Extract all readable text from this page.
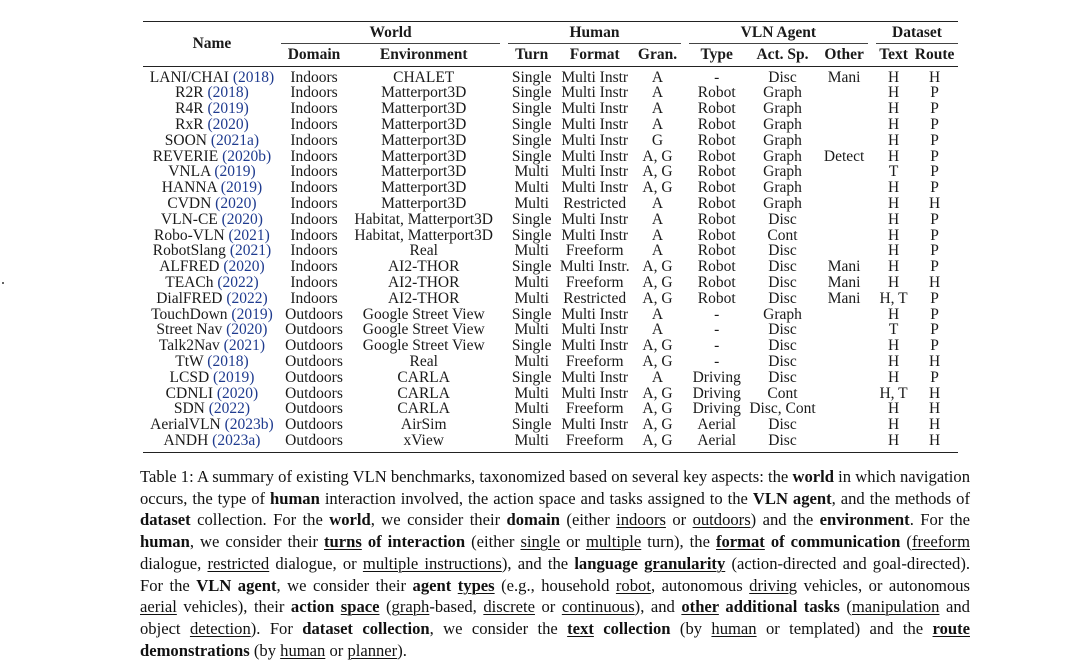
Name	World			Human				VLN Agent				Dataset	
	Domain	Environment		Turn	Format	Gran.		Type	Act. Sp.	Other		Text	Route
LANI/CHAI (2018)	Indoors	CHALET		Single	Multi Instr	A		-	Disc	Mani		H	H
R2R (2018)	Indoors	Matterport3D		Single	Multi Instr	A		Robot	Graph			H	P
R4R (2019)	Indoors	Matterport3D		Single	Multi Instr	A		Robot	Graph			H	P
RxR (2020)	Indoors	Matterport3D		Single	Multi Instr	A		Robot	Graph			H	P
SOON (2021a)	Indoors	Matterport3D		Single	Multi Instr	G		Robot	Graph			H	P
REVERIE (2020b)	Indoors	Matterport3D		Single	Multi Instr	A, G		Robot	Graph	Detect		H	P
VNLA (2019)	Indoors	Matterport3D		Multi	Multi Instr	A, G		Robot	Graph			T	P
HANNA (2019)	Indoors	Matterport3D		Multi	Multi Instr	A, G		Robot	Graph			H	P
CVDN (2020)	Indoors	Matterport3D		Multi	Restricted	A		Robot	Graph			H	H
VLN-CE (2020)	Indoors	Habitat, Matterport3D		Single	Multi Instr	A		Robot	Disc			H	P
Robo-VLN (2021)	Indoors	Habitat, Matterport3D		Single	Multi Instr	A		Robot	Cont			H	P
RobotSlang (2021)	Indoors	Real		Multi	Freeform	A		Robot	Disc			H	P
ALFRED (2020)	Indoors	AI2-THOR		Single	Multi Instr.	A, G		Robot	Disc	Mani		H	P
TEACh (2022)	Indoors	AI2-THOR		Multi	Freeform	A, G		Robot	Disc	Mani		H	H
DialFRED (2022)	Indoors	AI2-THOR		Multi	Restricted	A, G		Robot	Disc	Mani		H, T	P
TouchDown (2019)	Outdoors	Google Street View		Single	Multi Instr	A		-	Graph			H	P
Street Nav (2020)	Outdoors	Google Street View		Multi	Multi Instr	A		-	Disc			T	P
Talk2Nav (2021)	Outdoors	Google Street View		Single	Multi Instr	A, G		-	Disc			H	P
TtW (2018)	Outdoors	Real		Multi	Freeform	A, G		-	Disc			H	H
LCSD (2019)	Outdoors	CARLA		Single	Multi Instr	A		Driving	Disc			H	P
CDNLI (2020)	Outdoors	CARLA		Multi	Multi Instr	A, G		Driving	Cont			H, T	H
SDN (2022)	Outdoors	CARLA		Multi	Freeform	A, G		Driving	Disc, Cont			H	H
AerialVLN (2023b)	Outdoors	AirSim		Single	Multi Instr	A, G		Aerial	Disc			H	H
ANDH (2023a)	Outdoors	xView		Multi	Freeform	A, G		Aerial	Disc			H	H

Table 1: A summary of existing VLN benchmarks, taxonomized based on several key aspects: the world in which navigation occurs, the type of human interaction involved, the action space and tasks assigned to the VLN agent, and the methods of dataset collection. For the world, we consider their domain (either indoors or outdoors) and the environment. For the human, we consider their turns of interaction (either single or multiple turn), the format of communication (freeform dialogue, restricted dialogue, or multiple instructions), and the language granularity (action-directed and goal-directed). For the VLN agent, we consider their agent types (e.g., household robot, autonomous driving vehicles, or autonomous aerial vehicles), their action space (graph-based, discrete or continuous), and other additional tasks (manipulation and object detection). For dataset collection, we consider the text collection (by human or templated) and the route demonstrations (by human or planner).
